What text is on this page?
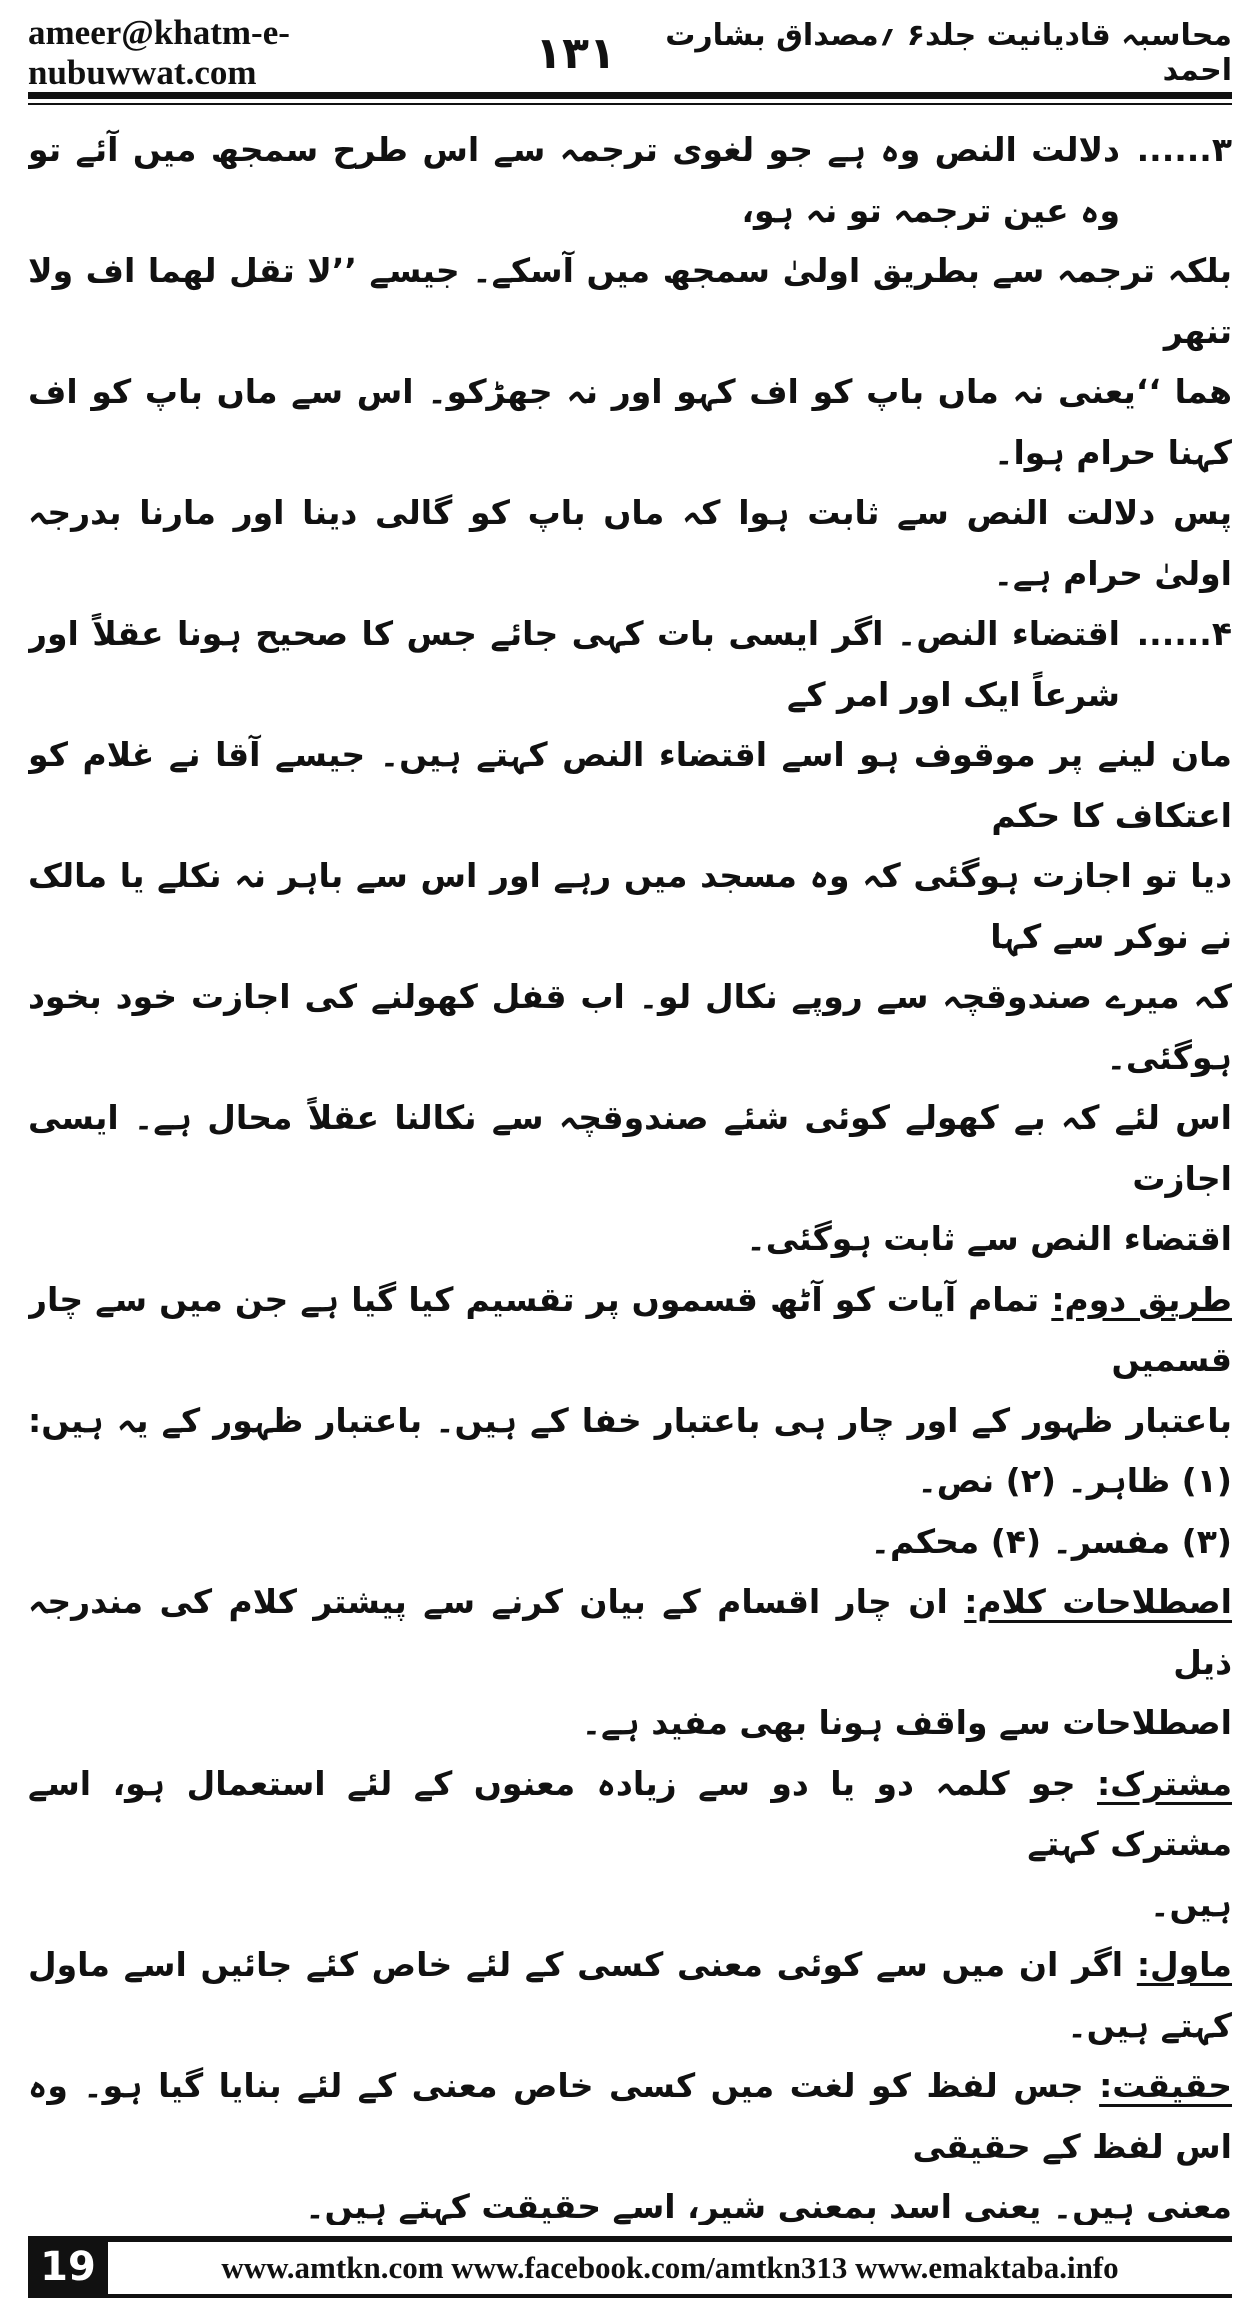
ameer@khatm-e-nubuwwat.com	۱۳۱	محاسبہ قادیانیت جلد۶ ؍مصداق بشارت احمد
۳......
دلالت النص وہ ہے جو لغوی ترجمہ سے اس طرح سمجھ میں آئے تو وہ عین ترجمہ تو نہ ہو،

بلکہ ترجمہ سے بطریق اولیٰ سمجھ میں آسکے۔ جیسے ’’لا تقل لھما اف ولا تنھر

ھما ‘‘یعنی نہ ماں باپ کو اف کہو اور نہ جھڑکو۔ اس سے ماں باپ کو اف کہنا حرام ہوا۔

پس دلالت النص سے ثابت ہوا کہ ماں باپ کو گالی دینا اور مارنا بدرجہ اولیٰ حرام ہے۔

۴......
اقتضاء النص۔ اگر ایسی بات کہی جائے جس کا صحیح ہونا عقلاً اور شرعاً ایک اور امر کے

مان لینے پر موقوف ہو اسے اقتضاء النص کہتے ہیں۔ جیسے آقا نے غلام کو اعتکاف کا حکم

دیا تو اجازت ہوگئی کہ وہ مسجد میں رہے اور اس سے باہر نہ نکلے یا مالک نے نوکر سے کہا

کہ میرے صندوقچہ سے روپے نکال لو۔ اب قفل کھولنے کی اجازت خود بخود ہوگئی۔

اس لئے کہ بے کھولے کوئی شئے صندوقچہ سے نکالنا عقلاً محال ہے۔ ایسی اجازت

اقتضاء النص سے ثابت ہوگئی۔

طریق دوم: تمام آیات کو آٹھ قسموں پر تقسیم کیا گیا ہے جن میں سے چار قسمیں

باعتبار ظہور کے اور چار ہی باعتبار خفا کے ہیں۔ باعتبار ظہور کے یہ ہیں: (۱) ظاہر۔ (۲) نص۔

(۳) مفسر۔ (۴) محکم۔

اصطلاحات کلام: ان چار اقسام کے بیان کرنے سے پیشتر کلام کی مندرجہ ذیل

اصطلاحات سے واقف ہونا بھی مفید ہے۔

مشترک: جو کلمہ دو یا دو سے زیادہ معنوں کے لئے استعمال ہو، اسے مشترک کہتے

ہیں۔

ماول: اگر ان میں سے کوئی معنی کسی کے لئے خاص کئے جائیں اسے ماول کہتے ہیں۔

حقیقت: جس لفظ کو لغت میں کسی خاص معنی کے لئے بنایا گیا ہو۔ وہ اس لفظ کے حقیقی

معنی ہیں۔ یعنی اسد بمعنی شیر، اسے حقیقت کہتے ہیں۔

19	www.amtkn.com www.facebook.com/amtkn313 www.emaktaba.info
